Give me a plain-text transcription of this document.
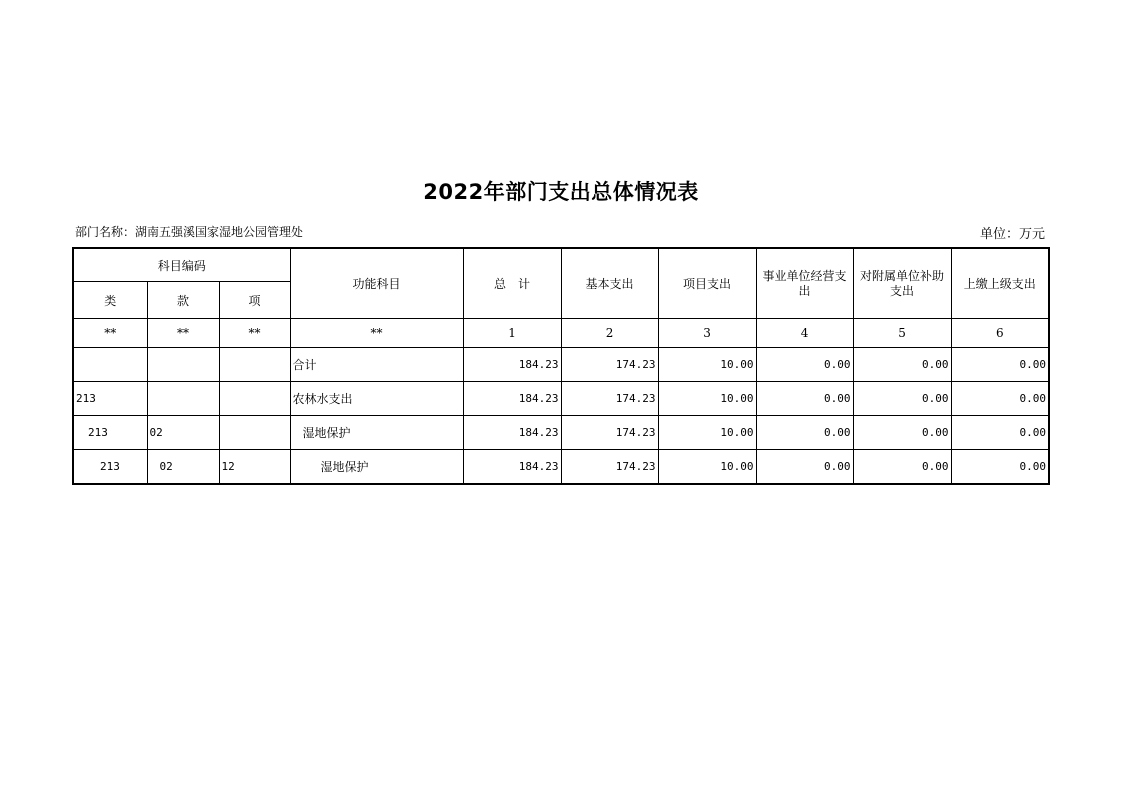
2022年部门支出总体情况表
部门名称：湖南五强溪国家湿地公园管理处	单位：万元
科目编码			功能科目	总　计	基本支出	项目支出	事业单位经营支出	对附属单位补助支出	上缴上级支出
类	款	项							
**	**	**	**	1	2	3	4	5	6
			合计	184.23	174.23	10.00	0.00	0.00	0.00
213			农林水支出	184.23	174.23	10.00	0.00	0.00	0.00
213	02		湿地保护	184.23	174.23	10.00	0.00	0.00	0.00
213	02	12	湿地保护	184.23	174.23	10.00	0.00	0.00	0.00
